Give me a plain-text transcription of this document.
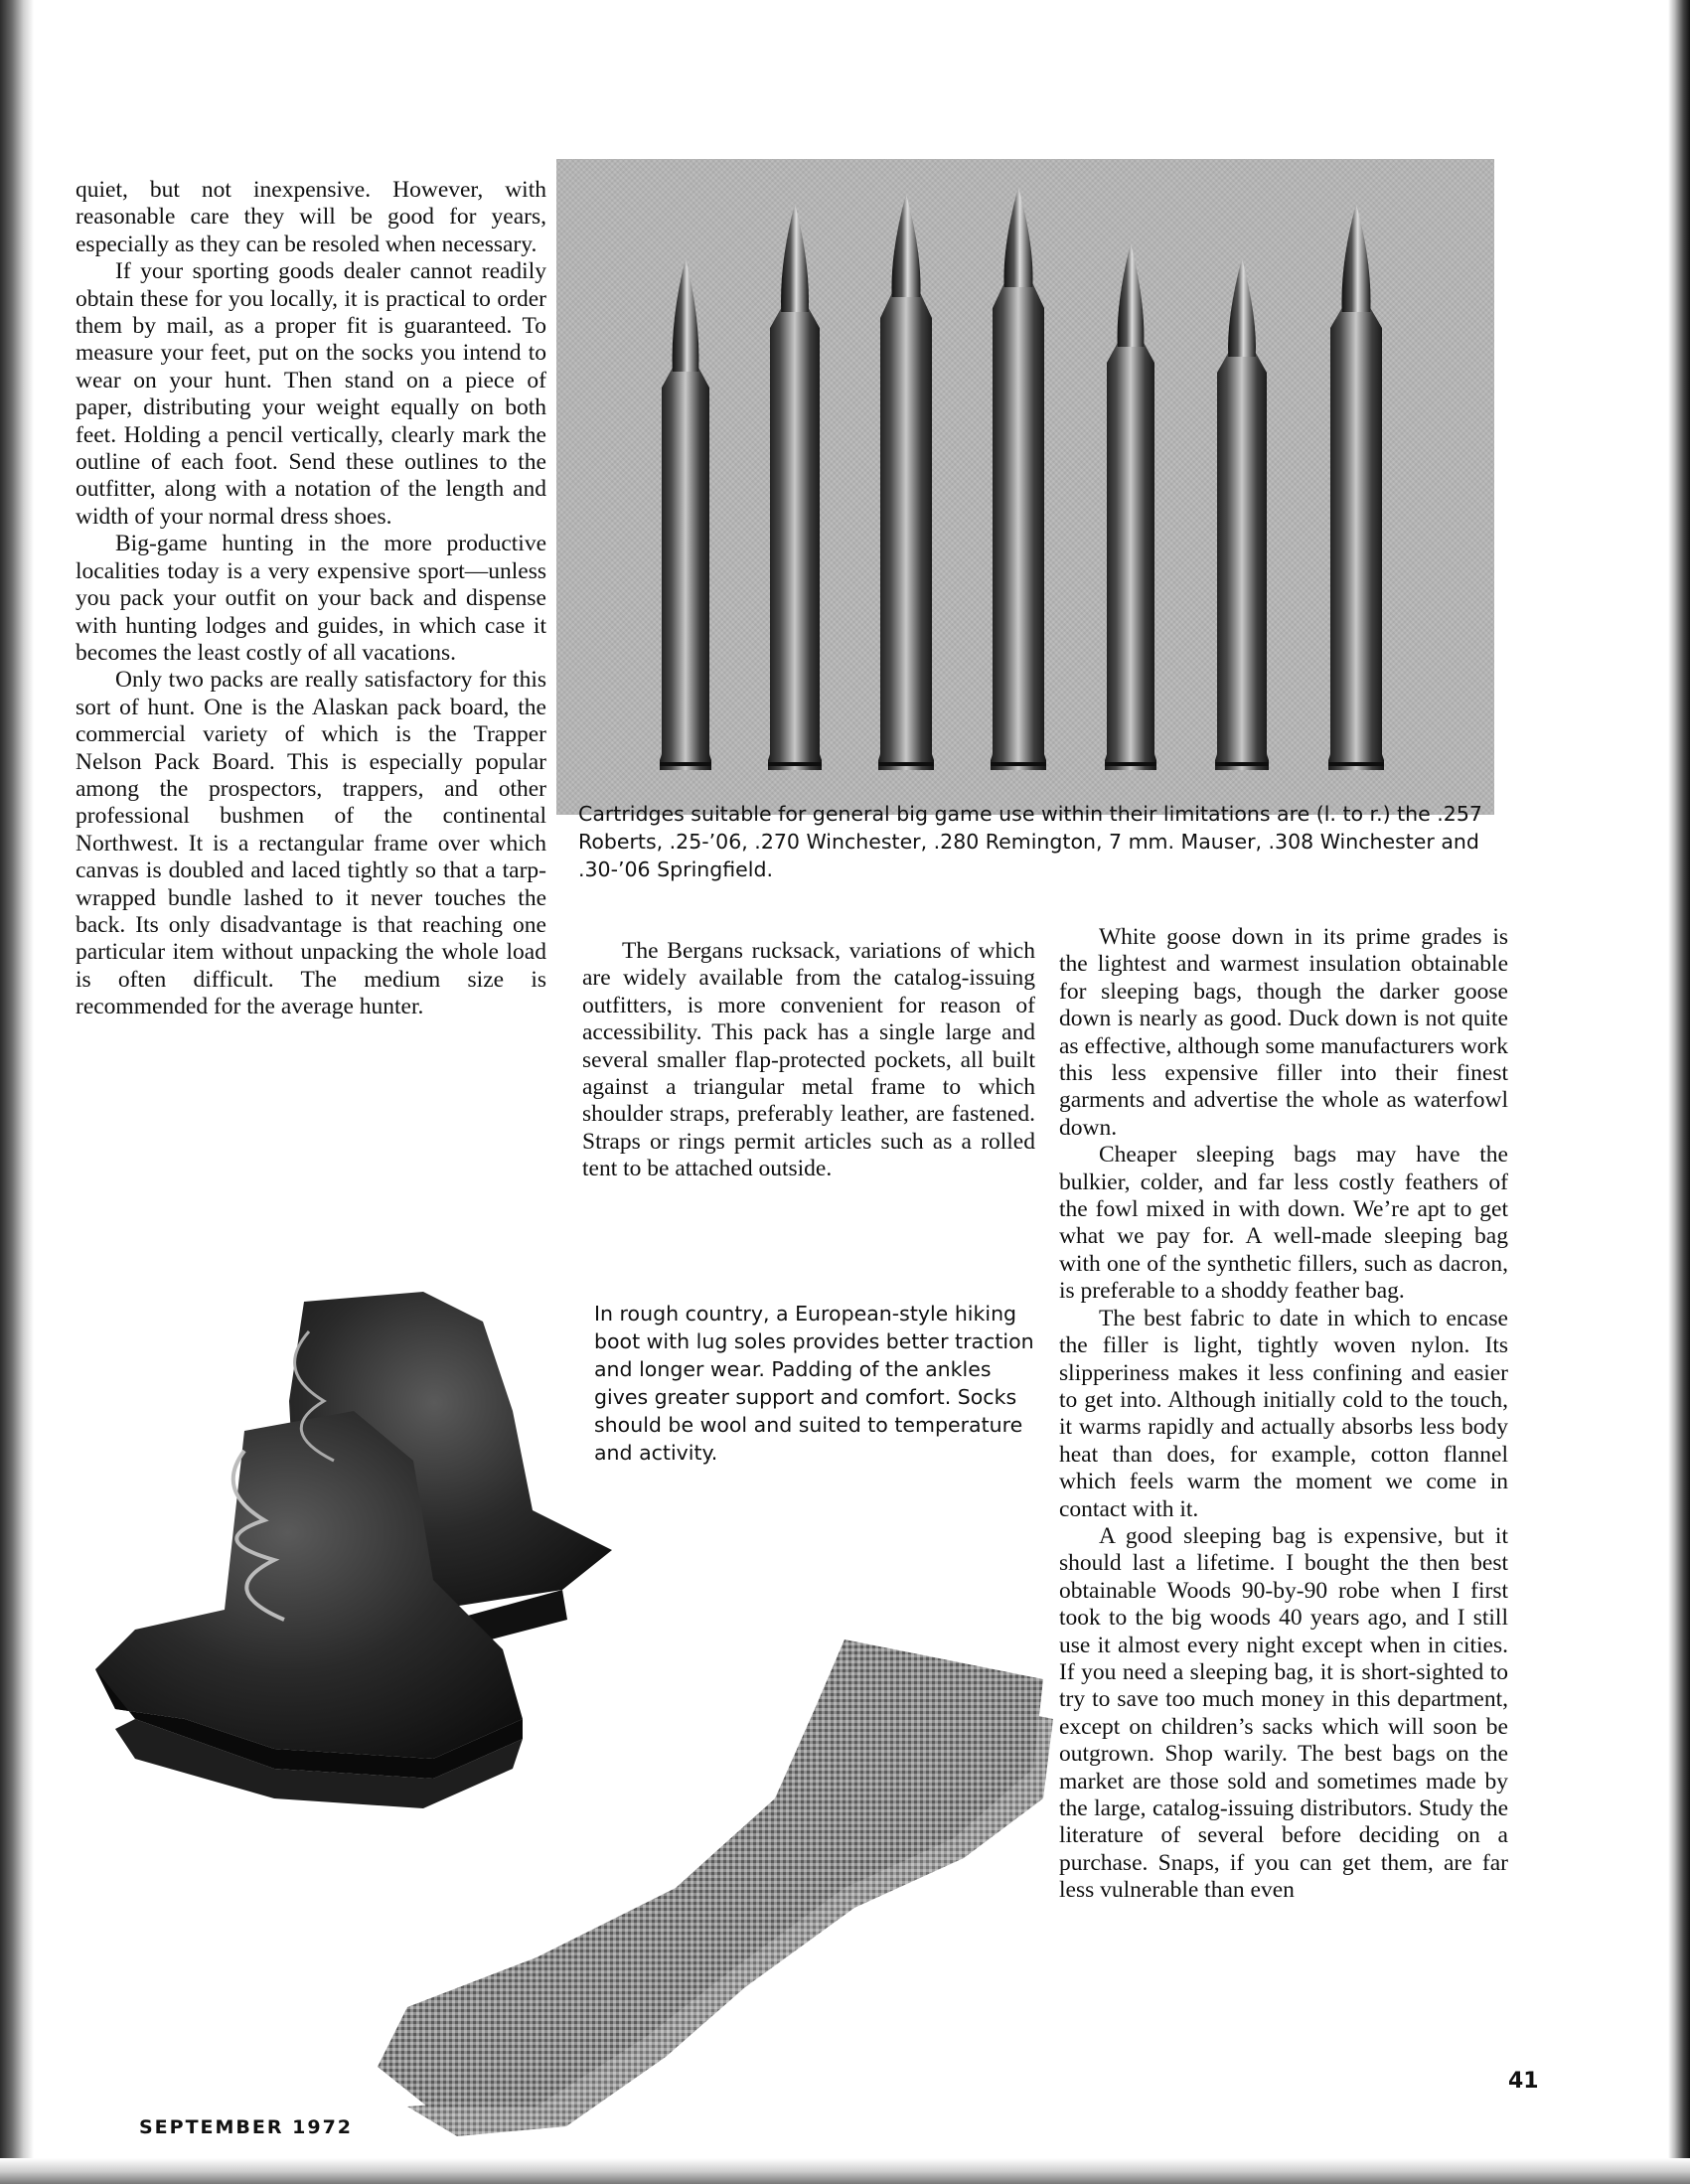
quiet, but not inexpensive. However, with reasonable care they will be good for years, especially as they can be resoled when necessary.

If your sporting goods dealer cannot readily obtain these for you locally, it is practical to order them by mail, as a proper fit is guaranteed. To measure your feet, put on the socks you intend to wear on your hunt. Then stand on a piece of paper, distributing your weight equally on both feet. Holding a pencil vertically, clearly mark the outline of each foot. Send these outlines to the outfitter, along with a notation of the length and width of your normal dress shoes.

Big-game hunting in the more productive localities today is a very expensive sport—unless you pack your outfit on your back and dispense with hunting lodges and guides, in which case it becomes the least costly of all vacations.

Only two packs are really satisfactory for this sort of hunt. One is the Alaskan pack board, the commercial variety of which is the Trapper Nelson Pack Board. This is especially popular among the prospectors, trappers, and other professional bushmen of the continental Northwest. It is a rectangular frame over which canvas is doubled and laced tightly so that a tarp-wrapped bundle lashed to it never touches the back. Its only disadvantage is that reaching one particular item without unpacking the whole load is often difficult. The medium size is recommended for the average hunter.

Cartridges suitable for general big game use within their limitations are (l. to r.) the .257 Roberts, .25-’06, .270 Winchester, .280 Remington, 7 mm. Mauser, .308 Winchester and .30-’06 Springfield.

The Bergans rucksack, variations of which are widely available from the catalog-issuing outfitters, is more convenient for reason of accessibility. This pack has a single large and several smaller flap-protected pockets, all built against a triangular metal frame to which shoulder straps, preferably leather, are fastened. Straps or rings permit articles such as a rolled tent to be attached outside.

In rough country, a European-style hiking boot with lug soles provides better traction and longer wear. Padding of the ankles gives greater support and comfort. Socks should be wool and suited to temperature and activity.

White goose down in its prime grades is the lightest and warmest insulation obtainable for sleeping bags, though the darker goose down is nearly as good. Duck down is not quite as effective, although some manufacturers work this less expensive filler into their finest garments and advertise the whole as waterfowl down.

Cheaper sleeping bags may have the bulkier, colder, and far less costly feathers of the fowl mixed in with down. We’re apt to get what we pay for. A well-made sleeping bag with one of the synthetic fillers, such as dacron, is preferable to a shoddy feather bag.

The best fabric to date in which to encase the filler is light, tightly woven nylon. Its slipperiness makes it less confining and easier to get into. Although initially cold to the touch, it warms rapidly and actually absorbs less body heat than does, for example, cotton flannel which feels warm the moment we come in contact with it.

A good sleeping bag is expensive, but it should last a lifetime. I bought the then best obtainable Woods 90-by-90 robe when I first took to the big woods 40 years ago, and I still use it almost every night except when in cities. If you need a sleeping bag, it is short-sighted to try to save too much money in this department, except on children’s sacks which will soon be outgrown. Shop warily. The best bags on the market are those sold and sometimes made by the large, catalog-issuing distributors. Study the literature of several before deciding on a purchase. Snaps, if you can get them, are far less vulnerable than even

41
SEPTEMBER 1972
